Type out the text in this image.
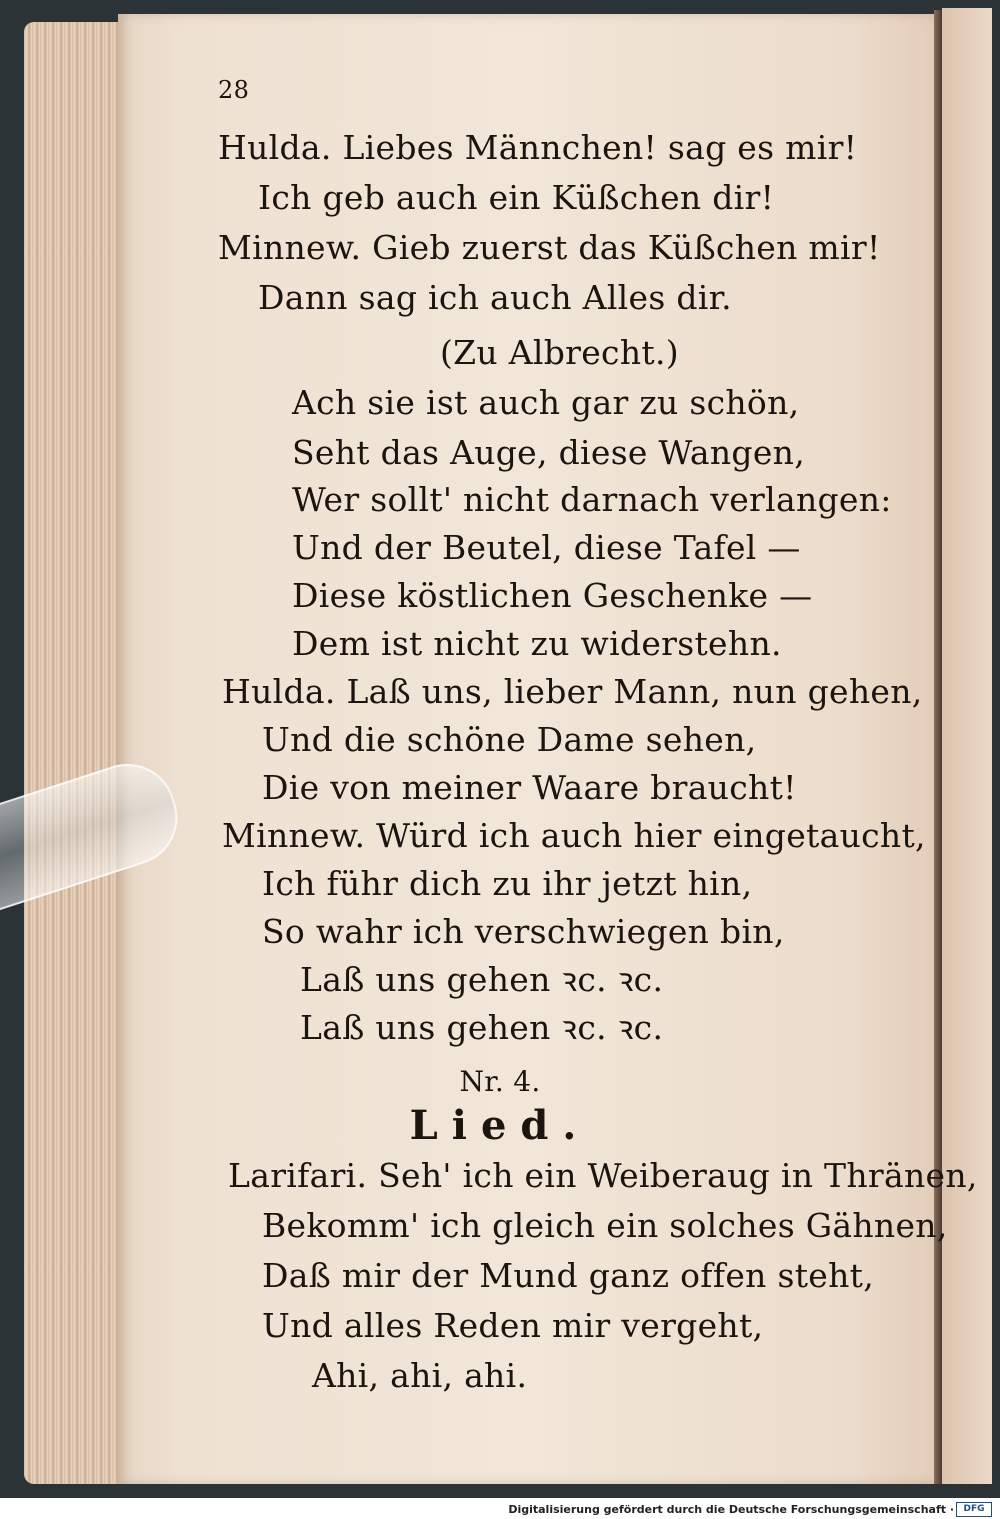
28
Hulda. Liebes Männchen! sag es mir!
Ich geb auch ein Küßchen dir!
Minnew. Gieb zuerst das Küßchen mir!
Dann sag ich auch Alles dir.
(Zu Albrecht.)
Ach sie ist auch gar zu schön,
Seht das Auge, diese Wangen,
Wer sollt' nicht darnach verlangen:
Und der Beutel, diese Tafel —
Diese köstlichen Geschenke —
Dem ist nicht zu widerstehn.
Hulda. Laß uns, lieber Mann, nun gehen,
Und die schöne Dame sehen,
Die von meiner Waare braucht!
Minnew. Würd ich auch hier eingetaucht,
Ich führ dich zu ihr jetzt hin,
So wahr ich verschwiegen bin,
Laß uns gehen ꝛc. ꝛc.
Laß uns gehen ꝛc. ꝛc.
Nr. 4.
Lied.
Larifari. Seh' ich ein Weiberaug in Thränen,
Bekomm' ich gleich ein solches Gähnen,
Daß mir der Mund ganz offen steht,
Und alles Reden mir vergeht,
Ahi, ahi, ahi.
Digitalisierung gefördert durch die Deutsche Forschungsgemeinschaft ·	DFG
